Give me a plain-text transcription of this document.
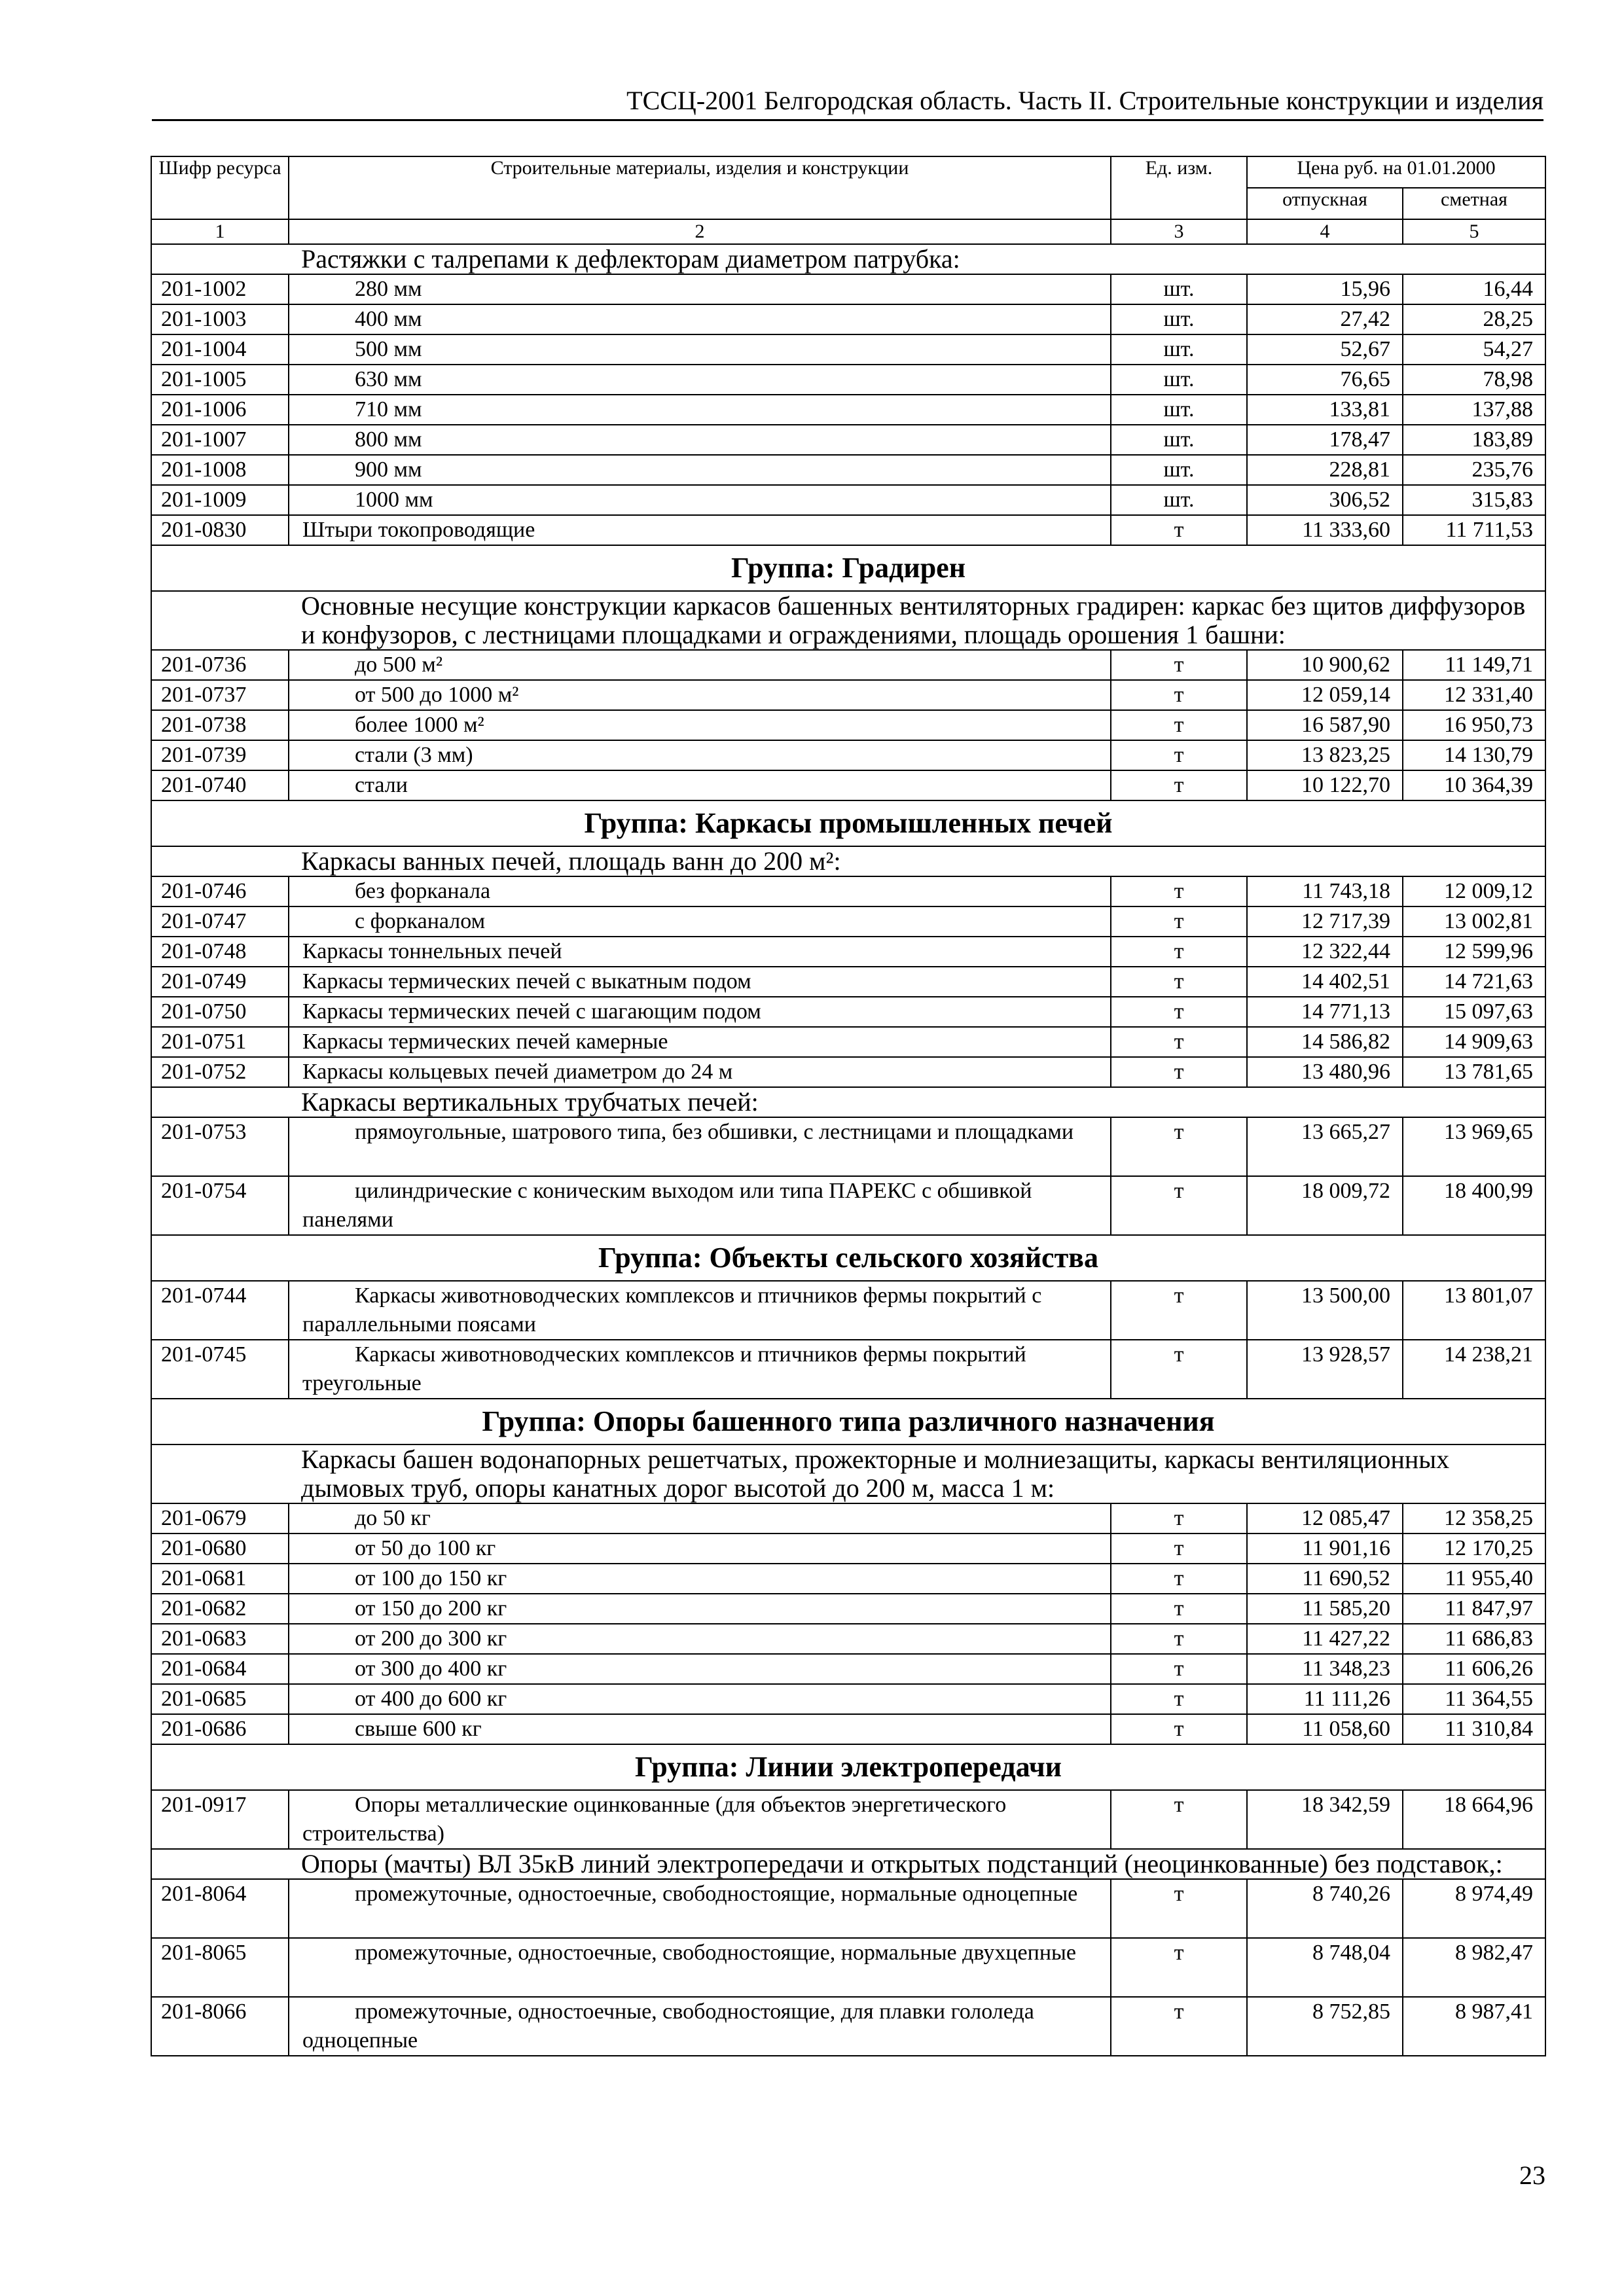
ТССЦ-2001 Белгородская область. Часть II. Строительные конструкции и изделия
Шифр ресурса	Строительные материалы, изделия и конструкции	Ед. изм.	Цена руб. на 01.01.2000	
			отпускная	сметная
1	2	3	4	5
Растяжки с талрепами к дефлекторам диаметром патрубка:				
201-1002	280 мм	шт.	15,96	16,44
201-1003	400 мм	шт.	27,42	28,25
201-1004	500 мм	шт.	52,67	54,27
201-1005	630 мм	шт.	76,65	78,98
201-1006	710 мм	шт.	133,81	137,88
201-1007	800 мм	шт.	178,47	183,89
201-1008	900 мм	шт.	228,81	235,76
201-1009	1000 мм	шт.	306,52	315,83
201-0830	Штыри токопроводящие	т	11 333,60	11 711,53
Группа: Градирен				
Основные несущие конструкции каркасов башенных вентиляторных градирен: каркас без щитов диффузоров и конфузоров, с лестницами площадками и ограждениями, площадь орошения 1 башни:				
201-0736	до 500 м²	т	10 900,62	11 149,71
201-0737	от 500 до 1000 м²	т	12 059,14	12 331,40
201-0738	более 1000 м²	т	16 587,90	16 950,73
201-0739	стали (3 мм)	т	13 823,25	14 130,79
201-0740	стали	т	10 122,70	10 364,39
Группа: Каркасы промышленных печей				
Каркасы ванных печей, площадь ванн до 200 м²:				
201-0746	без форканала	т	11 743,18	12 009,12
201-0747	с форканалом	т	12 717,39	13 002,81
201-0748	Каркасы тоннельных печей	т	12 322,44	12 599,96
201-0749	Каркасы термических печей с выкатным подом	т	14 402,51	14 721,63
201-0750	Каркасы термических печей с шагающим подом	т	14 771,13	15 097,63
201-0751	Каркасы термических печей камерные	т	14 586,82	14 909,63
201-0752	Каркасы кольцевых печей диаметром до 24 м	т	13 480,96	13 781,65
Каркасы вертикальных трубчатых печей:				
201-0753	прямоугольные, шатрового типа, без обшивки, с лестницами и площадками	т	13 665,27	13 969,65
201-0754	цилиндрические с коническим выходом или типа ПАРЕКС с обшивкой панелями	т	18 009,72	18 400,99
Группа: Объекты сельского хозяйства				
201-0744	Каркасы животноводческих комплексов и птичников фермы покрытий с параллельными поясами	т	13 500,00	13 801,07
201-0745	Каркасы животноводческих комплексов и птичников фермы покрытий треугольные	т	13 928,57	14 238,21
Группа: Опоры башенного типа различного назначения				
Каркасы башен водонапорных решетчатых, прожекторные и молниезащиты, каркасы вентиляционных дымовых труб, опоры канатных дорог высотой до 200 м, масса 1 м:				
201-0679	до 50 кг	т	12 085,47	12 358,25
201-0680	от 50 до 100 кг	т	11 901,16	12 170,25
201-0681	от 100 до 150 кг	т	11 690,52	11 955,40
201-0682	от 150 до 200 кг	т	11 585,20	11 847,97
201-0683	от 200 до 300 кг	т	11 427,22	11 686,83
201-0684	от 300 до 400 кг	т	11 348,23	11 606,26
201-0685	от 400 до 600 кг	т	11 111,26	11 364,55
201-0686	свыше 600 кг	т	11 058,60	11 310,84
Группа: Линии электропередачи				
201-0917	Опоры металлические оцинкованные (для объектов энергетического строительства)	т	18 342,59	18 664,96
Опоры (мачты) ВЛ 35кВ линий электропередачи и открытых подстанций (неоцинкованные) без подставок,:				
201-8064	промежуточные, одностоечные, свободностоящие, нормальные одноцепные	т	8 740,26	8 974,49
201-8065	промежуточные, одностоечные, свободностоящие, нормальные двухцепные	т	8 748,04	8 982,47
201-8066	промежуточные, одностоечные, свободностоящие, для плавки гололеда одноцепные	т	8 752,85	8 987,41
23
